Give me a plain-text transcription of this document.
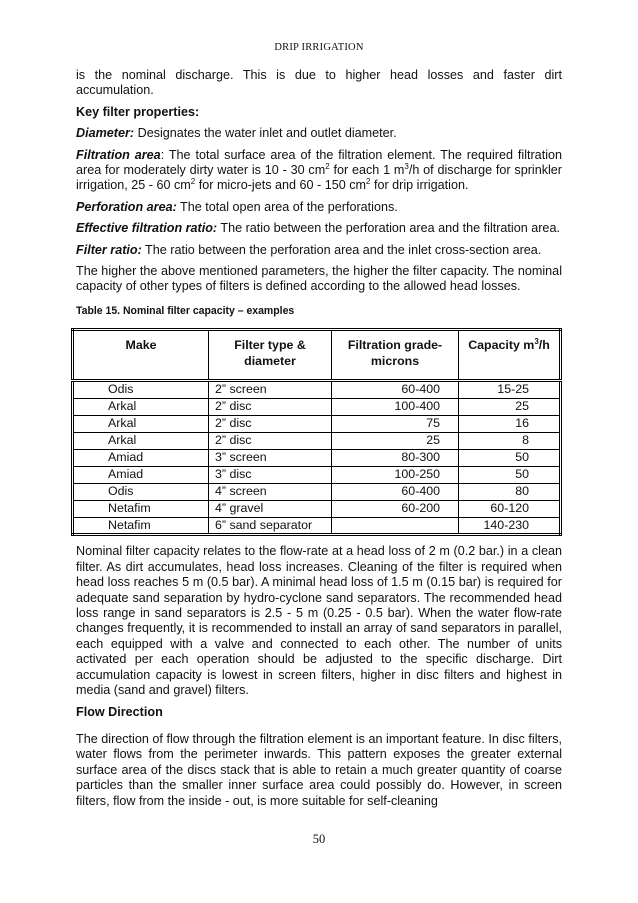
DRIP IRRIGATION

is the nominal discharge. This is due to higher head losses and faster dirt accumulation.

Key filter properties:

Diameter: Designates the water inlet and outlet diameter.

Filtration area: The total surface area of the filtration element. The required filtration area for moderately dirty water is 10 - 30 $cm^2$ for each 1 $m^3/h$ of discharge for sprinkler irrigation, 25 - 60 $cm^2$ for micro-jets and 60 - 150 $cm^2$ for drip irrigation.

Perforation area: The total open area of the perforations.

Effective filtration ratio: The ratio between the perforation area and the filtration area.

Filter ratio: The ratio between the perforation area and the inlet cross-section area.

The higher the above mentioned parameters, the higher the filter capacity. The nominal capacity of other types of filters is defined according to the allowed head losses.

Table 15. Nominal filter capacity – examples
Make	Filter type & diameter	Filtration grade-microns	Capacity $m^3/h$
Odis	2” screen	60-400	15-25
Arkal	2” disc	100-400	25
Arkal	2” disc	75	16
Arkal	2” disc	25	8
Amiad	3” screen	80-300	50
Amiad	3” disc	100-250	50
Odis	4” screen	60-400	80
Netafim	4” gravel	60-200	60-120
Netafim	6” sand separator		140-230

Nominal filter capacity relates to the flow-rate at a head loss of 2 m (0.2 bar.) in a clean filter. As dirt accumulates, head loss increases. Cleaning of the filter is required when head loss reaches 5 m (0.5 bar). A minimal head loss of 1.5 m (0.15 bar) is required for adequate sand separation by hydro-cyclone sand separators. The recommended head loss range in sand separators is 2.5 - 5 m (0.25 - 0.5 bar). When the water flow-rate changes frequently, it is recommended to install an array of sand separators in parallel, each equipped with a valve and connected to each other. The number of units activated per each operation should be adjusted to the specific discharge. Dirt accumulation capacity is lowest in screen filters, higher in disc filters and highest in media (sand and gravel) filters.

Flow Direction

The direction of flow through the filtration element is an important feature. In disc filters, water flows from the perimeter inwards. This pattern exposes the greater external surface area of the discs stack that is able to retain a much greater quantity of coarse particles than the smaller inner surface area could possibly do. However, in screen filters, flow from the inside - out, is more suitable for self-cleaning

50
